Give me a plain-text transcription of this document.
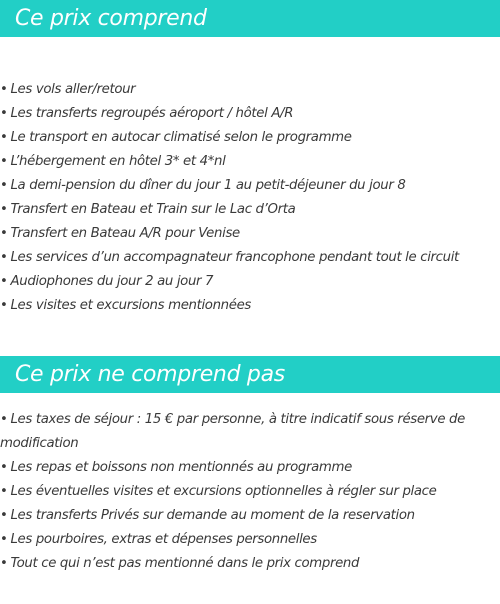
Ce prix comprend
• Les vols aller/retour
• Les transferts regroupés aéroport / hôtel A/R
• Le transport en autocar climatisé selon le programme
• L’hébergement en hôtel 3* et 4*nl
• La demi-pension du dîner du jour 1 au petit-déjeuner du jour 8
• Transfert en Bateau et Train sur le Lac d’Orta
• Transfert en Bateau A/R pour Venise
• Les services d’un accompagnateur francophone pendant tout le circuit
• Audiophones du jour 2 au jour 7
• Les visites et excursions mentionnées
Ce prix ne comprend pas
• Les taxes de séjour : 15 € par personne, à titre indicatif sous réserve de modification
• Les repas et boissons non mentionnés au programme
• Les éventuelles visites et excursions optionnelles à régler sur place
• Les transferts Privés sur demande au moment de la reservation
• Les pourboires, extras et dépenses personnelles
• Tout ce qui n’est pas mentionné dans le prix comprend
